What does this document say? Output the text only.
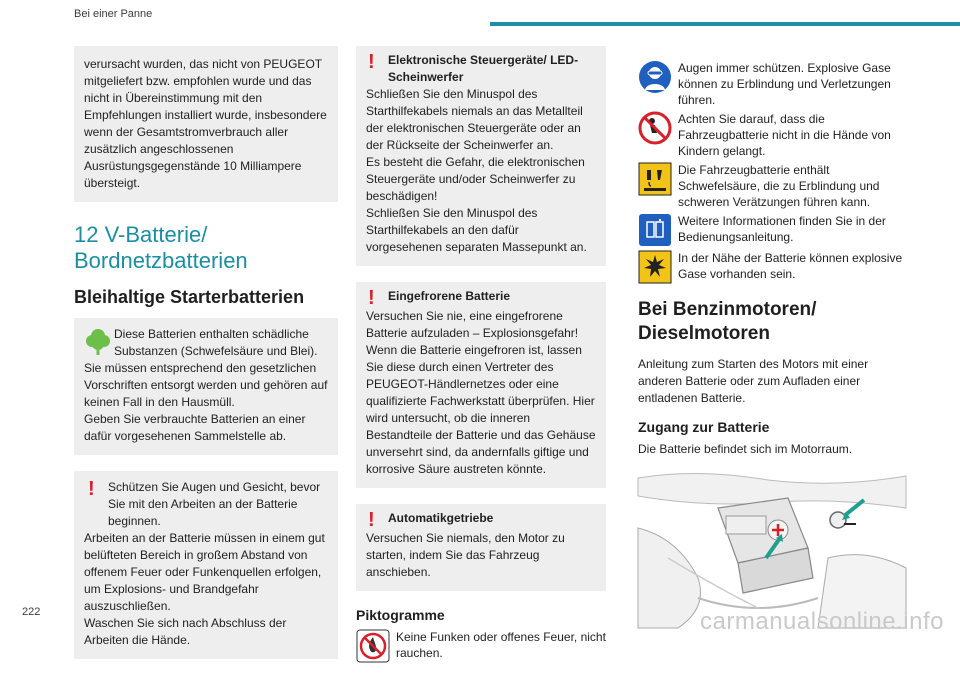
Bei einer Panne

verursacht wurden, das nicht von PEUGEOT mitgeliefert bzw. empfohlen wurde und das nicht in Übereinstimmung mit den Empfehlungen installiert wurde, insbesondere wenn der Gesamtstromverbrauch aller zusätzlich angeschlossenen Ausrüstungsgegenstände 10 Milliampere übersteigt.

12 V-Batterie/
Bordnetzbatterien
Bleihaltige Starterbatterien

Diese Batterien enthalten schädliche Substanzen (Schwefelsäure und Blei).

Sie müssen entsprechend den gesetzlichen Vorschriften entsorgt werden und gehören auf keinen Fall in den Hausmüll.

Geben Sie verbrauchte Batterien an einer dafür vorgesehenen Sammelstelle ab.

!	Schützen Sie Augen und Gesicht, bevor Sie mit den Arbeiten an der Batterie beginnen.

Arbeiten an der Batterie müssen in einem gut belüfteten Bereich in großem Abstand von offenem Feuer oder Funkenquellen erfolgen, um Explosions- und Brandgefahr auszuschließen.

Waschen Sie sich nach Abschluss der Arbeiten die Hände.

!	Elektronische Steuergeräte/ LED-Scheinwerfer

Schließen Sie den Minuspol des Starthilfekabels niemals an das Metallteil der elektronischen Steuergeräte oder an der Rückseite der Scheinwerfer an.

Es besteht die Gefahr, die elektronischen Steuergeräte und/oder Scheinwerfer zu beschädigen!

Schließen Sie den Minuspol des Starthilfekabels an den dafür vorgesehenen separaten Massepunkt an.

!	Eingefrorene Batterie

Versuchen Sie nie, eine eingefrorene Batterie aufzuladen – Explosionsgefahr!

Wenn die Batterie eingefroren ist, lassen Sie diese durch einen Vertreter des PEUGEOT-Händlernetzes oder eine qualifizierte Fachwerkstatt überprüfen. Hier wird untersucht, ob die inneren Bestandteile der Batterie und das Gehäuse unversehrt sind, da andernfalls giftige und korrosive Säure austreten könnte.

!	Automatikgetriebe

Versuchen Sie niemals, den Motor zu starten, indem Sie das Fahrzeug anschieben.

Piktogramme
Keine Funken oder offenes Feuer, nicht rauchen.
Augen immer schützen. Explosive Gase können zu Erblindung und Verletzungen führen.
Achten Sie darauf, dass die Fahrzeugbatterie nicht in die Hände von Kindern gelangt.
Die Fahrzeugbatterie enthält Schwefelsäure, die zu Erblindung und schweren Verätzungen führen kann.
Weitere Informationen finden Sie in der Bedienungsanleitung.
In der Nähe der Batterie können explosive Gase vorhanden sein.
Bei Benzinmotoren/
Dieselmotoren

Anleitung zum Starten des Motors mit einer anderen Batterie oder zum Aufladen einer entladenen Batterie.

Zugang zur Batterie

Die Batterie befindet sich im Motorraum.

222	carmanualsonline.info
